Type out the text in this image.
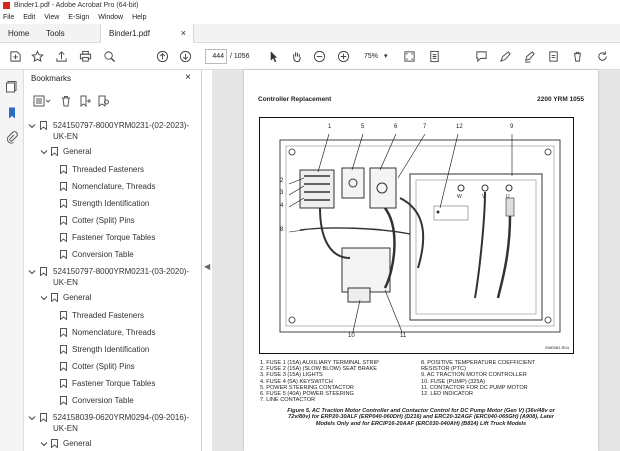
Binder1.pdf - Adobe Acrobat Pro (64-bit)
File Edit View E-Sign Window Help
Home	Tools	Binder1.pdf	×
444 / 1056	75% ▾
Bookmarks	×
524150797-8000YRM0231-(02-2023)-
UK-EN
General
Threaded Fasteners
Nomenclature, Threads
Strength Identification
Cotter (Split) Pins
Fastener Torque Tables
Conversion Table
524150797-8000YRM0231-(03-2020)-
UK-EN
General
Threaded Fasteners
Nomenclature, Threads
Strength Identification
Cotter (Split) Pins
Fastener Torque Tables
Conversion Table
524158039-0620YRM0294-(09-2016)-
UK-EN
General
◀
Controller Replacement	2200 YRM 1055
1
2
3
4
5	6	7
8
9
10	11
12
W	V	U
EM0081-R04
1. FUSE 1 (15A) AUXILIARY TERMINAL STRIP
2. FUSE 2 (15A) (SLOW BLOW) SEAT BRAKE
3. FUSE 3 (15A) LIGHTS
4. FUSE 4 (5A) KEYSWITCH
5. POWER STEERING CONTACTOR
6. FUSE 5 (40A) POWER STEERING
7. LINE CONTACTOR
8. POSITIVE TEMPERATURE COEFFICIENT
RESISTOR (PTC)
9. AC TRACTION MOTOR CONTROLLER
10. FUSE (PUMP) (325A)
11. CONTACTOR FOR DC PUMP MOTOR
12. LED INDICATOR
Figure 5. AC Traction Motor Controller and Contactor Control for DC Pump Motor (Gen V) (36v/48v or
72v/80v) for ERP20-30ALF (ERP040-060DH) (D216) and ERC20-32AGF (ERC040-065GH) (A908), Later
Models Only and for ERCIP16-20AAF (ERC030-040AH) (B814) Lift Truck Models
